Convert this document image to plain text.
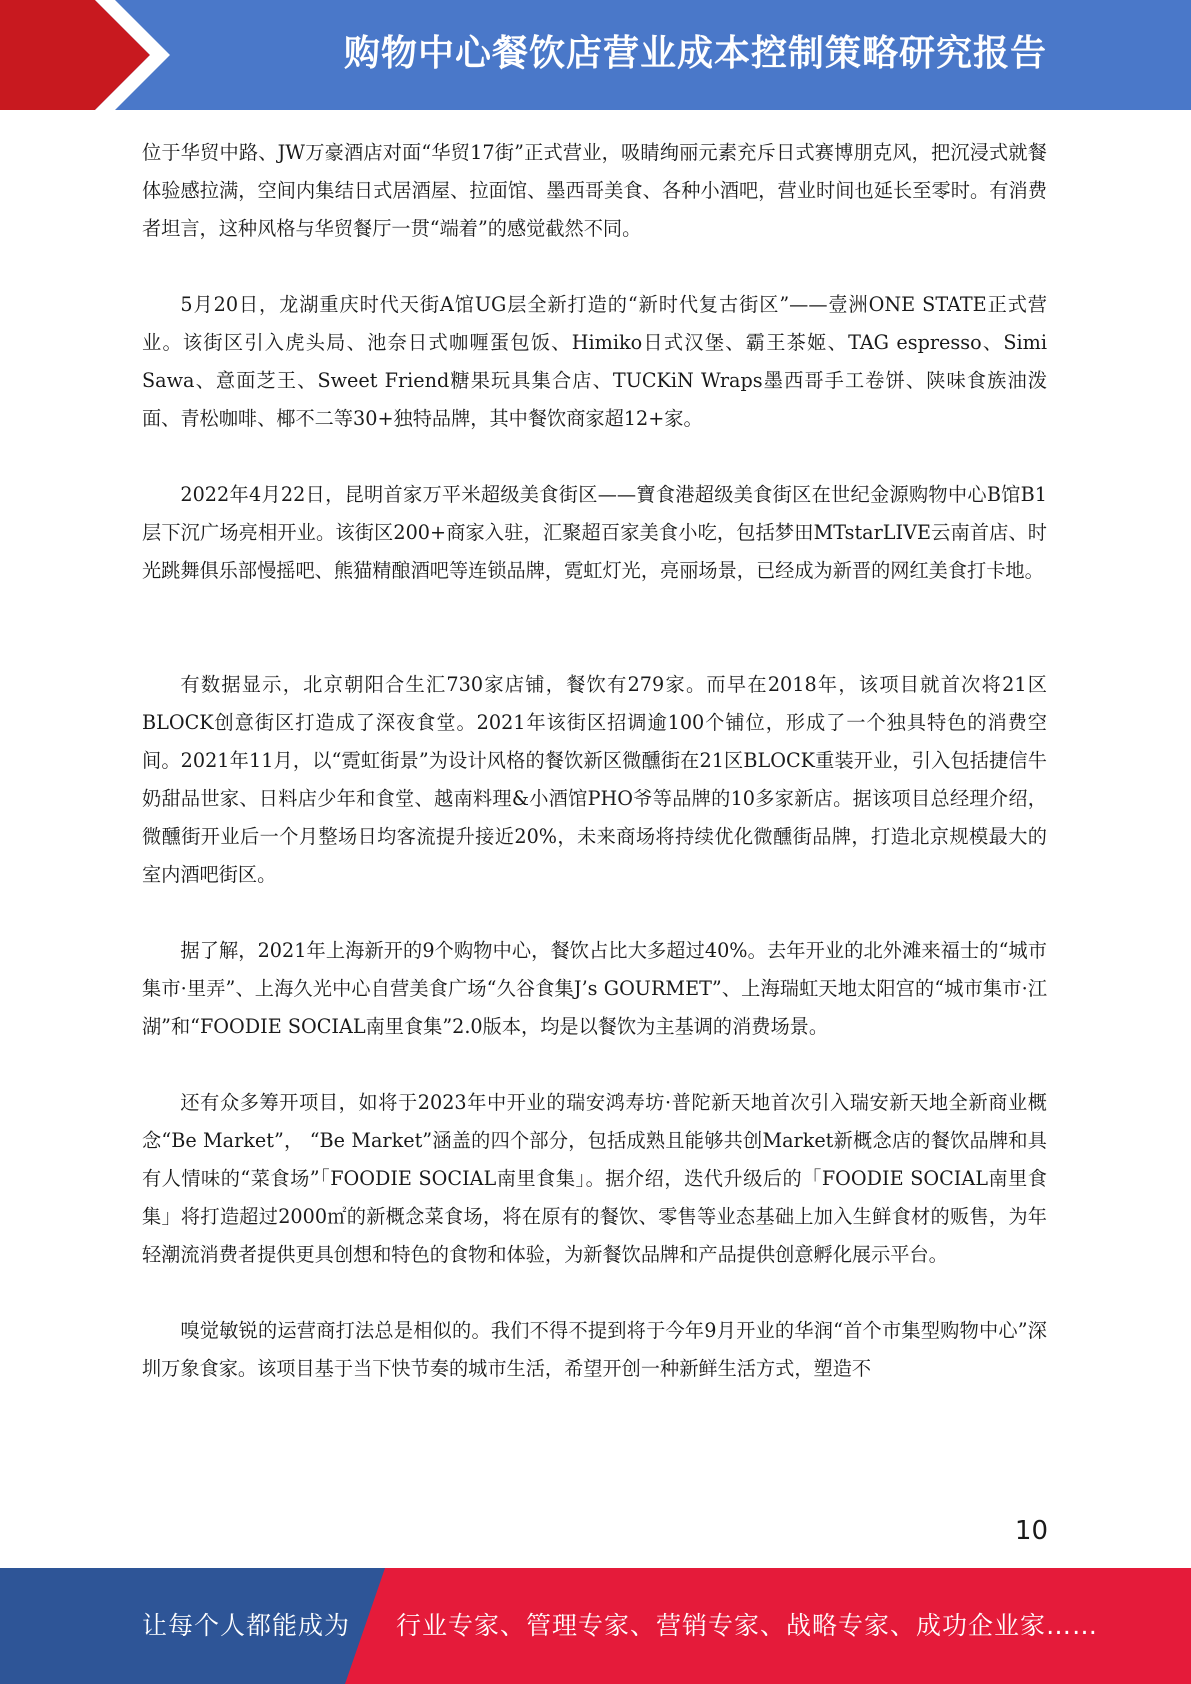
购物中心餐饮店营业成本控制策略研究报告

位于华贸中路、JW万豪酒店对面“华贸17街”正式营业，吸睛绚丽元素充斥日式赛博朋克风，把沉浸式就餐体验感拉满，空间内集结日式居酒屋、拉面馆、墨西哥美食、各种小酒吧，营业时间也延长至零时。有消费者坦言，这种风格与华贸餐厅一贯“端着”的感觉截然不同。

5月20日，龙湖重庆时代天街A馆UG层全新打造的“新时代复古街区”——壹洲ONE STATE正式营业。该街区引入虎头局、池奈日式咖喱蛋包饭、Himiko日式汉堡、霸王茶姬、TAG espresso、Simi Sawa、意面芝王、Sweet Friend糖果玩具集合店、TUCKiN Wraps墨西哥手工卷饼、陕味食族油泼面、青松咖啡、椰不二等30+独特品牌，其中餐饮商家超12+家。

2022年4月22日，昆明首家万平米超级美食街区——寶食港超级美食街区在世纪金源购物中心B馆B1层下沉广场亮相开业。该街区200+商家入驻，汇聚超百家美食小吃，包括梦田MTstarLIVE云南首店、时光跳舞俱乐部慢摇吧、熊猫精酿酒吧等连锁品牌，霓虹灯光，亮丽场景，已经成为新晋的网红美食打卡地。

有数据显示，北京朝阳合生汇730家店铺，餐饮有279家。而早在2018年，该项目就首次将21区BLOCK创意街区打造成了深夜食堂。2021年该街区招调逾100个铺位，形成了一个独具特色的消费空间。2021年11月，以“霓虹街景”为设计风格的餐饮新区微醺街在21区BLOCK重装开业，引入包括捷信牛奶甜品世家、日料店少年和食堂、越南料理&小酒馆PHO爷等品牌的10多家新店。据该项目总经理介绍，微醺街开业后一个月整场日均客流提升接近20%，未来商场将持续优化微醺街品牌，打造北京规模最大的室内酒吧街区。

据了解，2021年上海新开的9个购物中心，餐饮占比大多超过40%。去年开业的北外滩来福士的“城市集市·里弄”、上海久光中心自营美食广场“久谷食集J’s GOURMET”、上海瑞虹天地太阳宫的“城市集市·江湖”和“FOODIE SOCIAL南里食集”2.0版本，均是以餐饮为主基调的消费场景。

还有众多筹开项目，如将于2023年中开业的瑞安鸿寿坊·普陀新天地首次引入瑞安新天地全新商业概念“Be Market”， “Be Market”涵盖的四个部分，包括成熟且能够共创Market新概念店的餐饮品牌和具有人情味的“菜食场”「FOODIE SOCIAL南里食集」。据介绍，迭代升级后的「FOODIE SOCIAL南里食集」将打造超过2000㎡的新概念菜食场，将在原有的餐饮、零售等业态基础上加入生鲜食材的贩售，为年轻潮流消费者提供更具创想和特色的食物和体验，为新餐饮品牌和产品提供创意孵化展示平台。

嗅觉敏锐的运营商打法总是相似的。我们不得不提到将于今年9月开业的华润“首个市集型购物中心”深圳万象食家。该项目基于当下快节奏的城市生活，希望开创一种新鲜生活方式，塑造不

10
让每个人都能成为 行业专家、管理专家、营销专家、战略专家、成功企业家……
